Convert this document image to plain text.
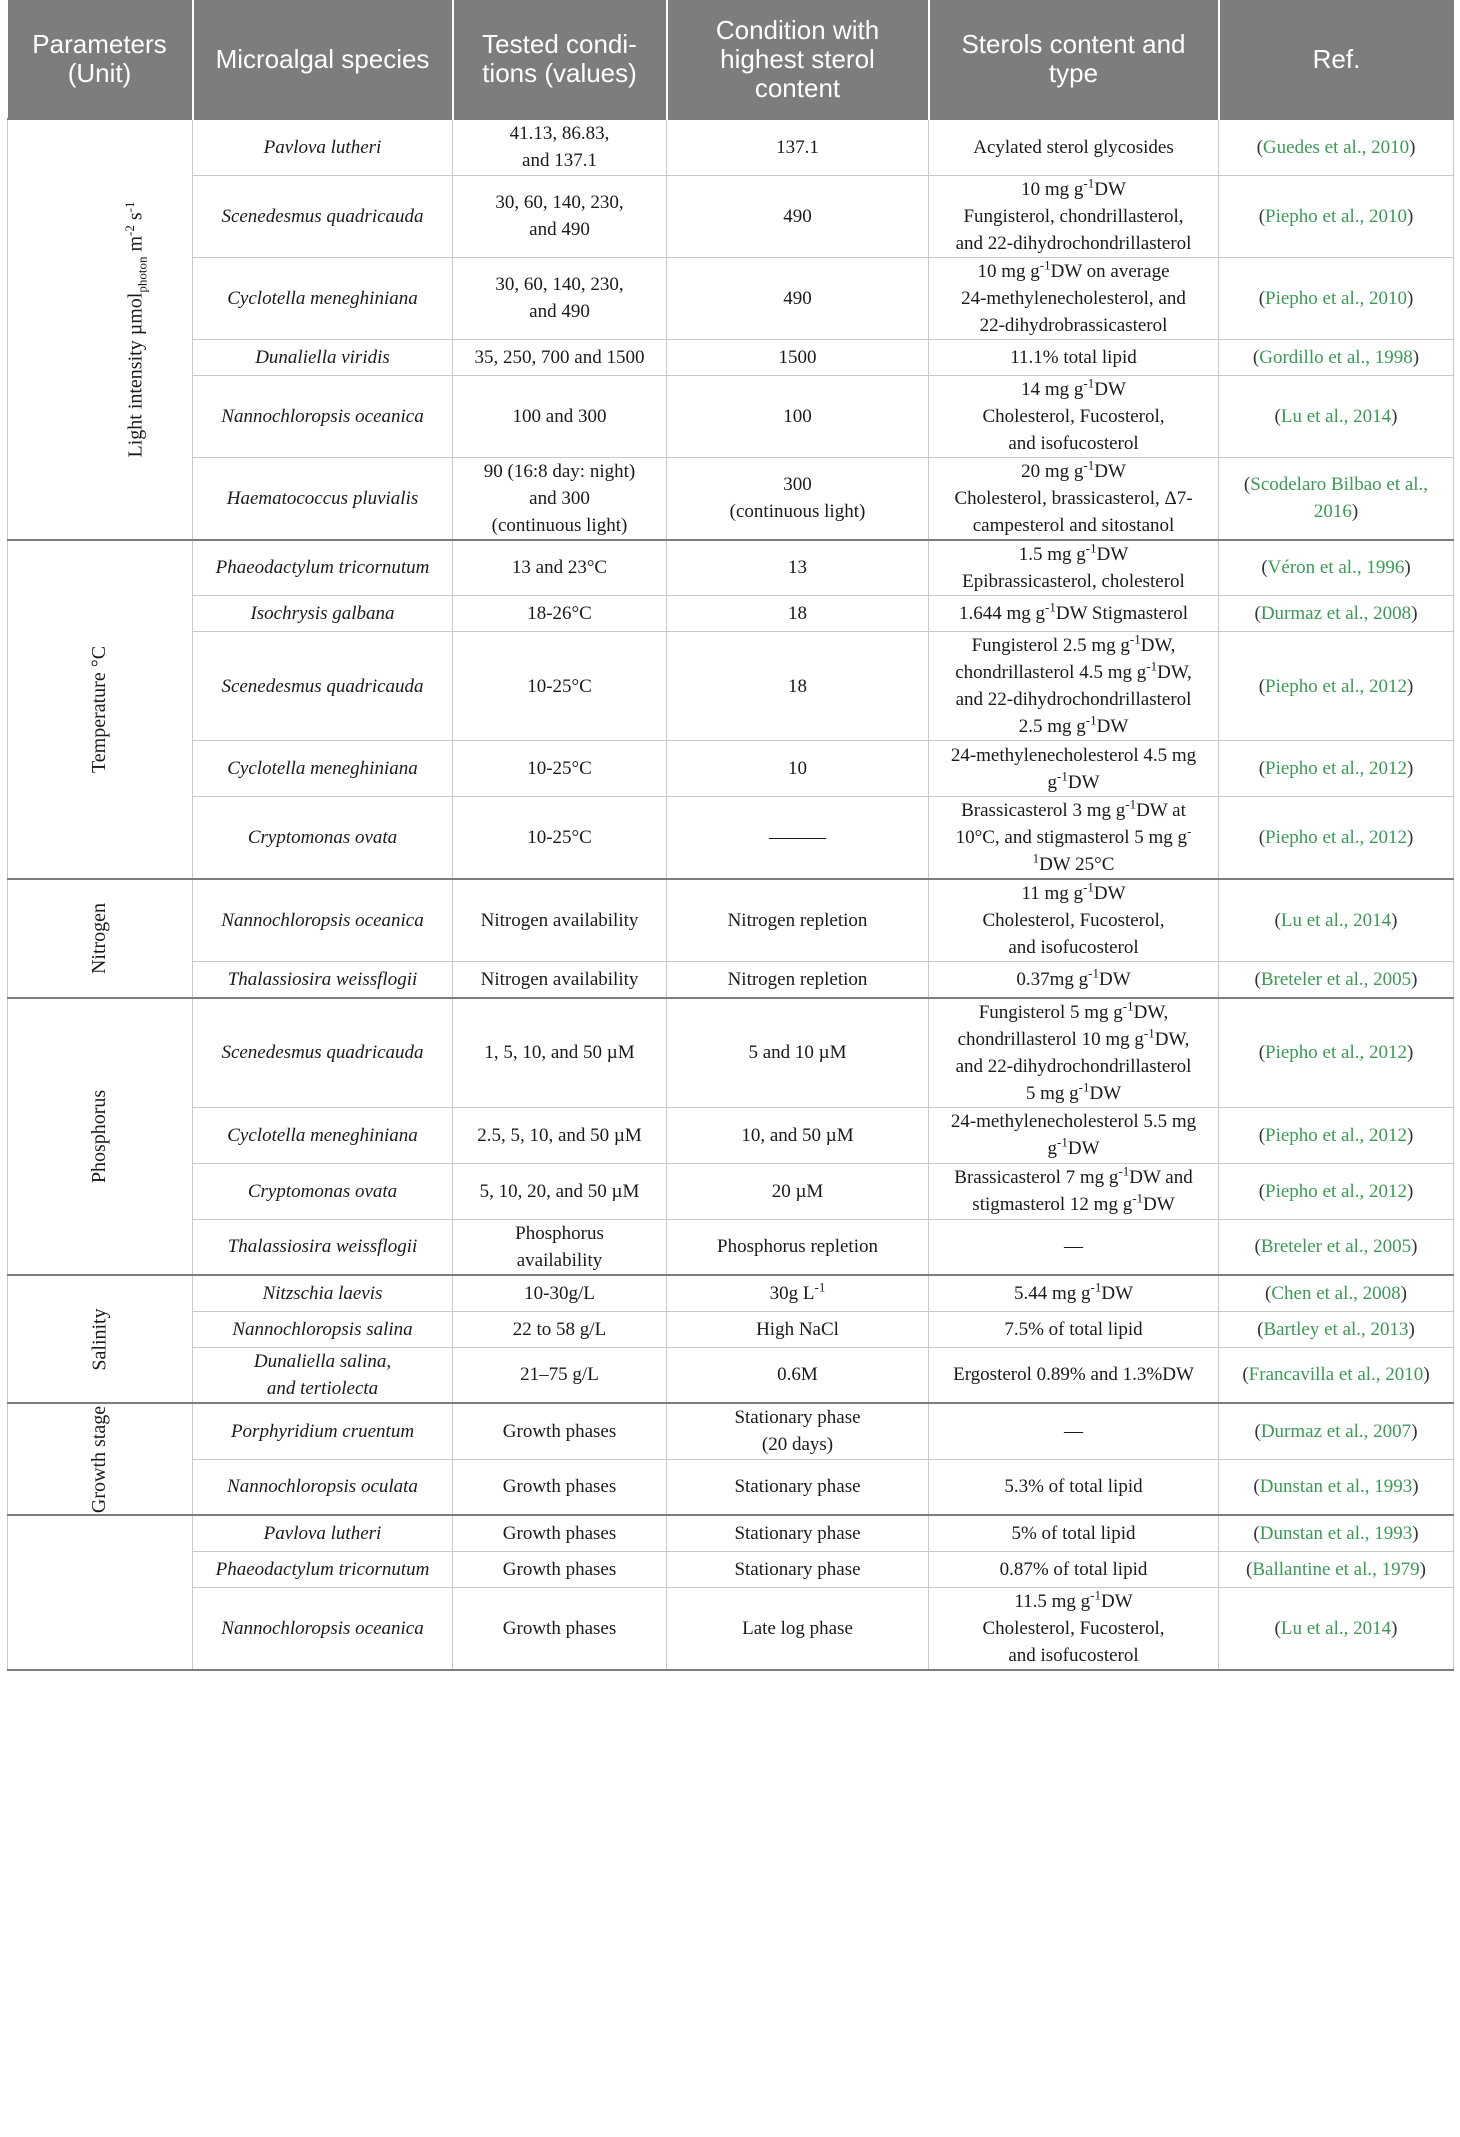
Parameters (Unit)	Microalgal species	Tested condi-tions (values)	Condition with highest sterol content	Sterols content and type	Ref.
Light intensity µmol$_{photon}$ $m^{-2}$ $s^{-1}$	Pavlova lutheri	41.13, 86.83,
and 137.1	137.1	Acylated sterol glycosides	(Guedes et al., 2010)
	Scenedesmus quadricauda	30, 60, 140, 230,
and 490	490	10 mg $g^{-1}DW$
Fungisterol, chondrillasterol,
and 22-dihydrochondrillasterol	(Piepho et al., 2010)
	Cyclotella meneghiniana	30, 60, 140, 230,
and 490	490	10 mg $g^{-1}DW$ on average
24-methylenecholesterol, and
22-dihydrobrassicasterol	(Piepho et al., 2010)
	Dunaliella viridis	35, 250, 700 and 1500	1500	11.1% total lipid	(Gordillo et al., 1998)
	Nannochloropsis oceanica	100 and 300	100	14 mg $g^{-1}DW$
Cholesterol, Fucosterol,
and isofucosterol	(Lu et al., 2014)
	Haematococcus pluvialis	90 (16:8 day: night)
and 300
(continuous light)	300
(continuous light)	20 mg $g^{-1}DW$
Cholesterol, brassicasterol, Δ7-
campesterol and sitostanol	(Scodelaro Bilbao et al., 2016)
Temperature °C	Phaeodactylum tricornutum	13 and 23°C	13	1.5 mg $g^{-1}DW$
Epibrassicasterol, cholesterol	(Véron et al., 1996)
	Isochrysis galbana	18-26°C	18	1.644 mg $g^{-1}DW$ Stigmasterol	(Durmaz et al., 2008)
	Scenedesmus quadricauda	10-25°C	18	Fungisterol 2.5 mg $g^{-1}DW$,
chondrillasterol 4.5 mg $g^{-1}DW$,
and 22-dihydrochondrillasterol
2.5 mg $g^{-1}DW$	(Piepho et al., 2012)
	Cyclotella meneghiniana	10-25°C	10	24-methylenecholesterol 4.5 mg
$g^{-1}DW$	(Piepho et al., 2012)
	Cryptomonas ovata	10-25°C	———	Brassicasterol 3 mg $g^{-1}DW$ at
10°C, and stigmasterol 5 mg g-
$^1$DW 25°C	(Piepho et al., 2012)
Nitrogen	Nannochloropsis oceanica	Nitrogen availability	Nitrogen repletion	11 mg $g^{-1}DW$
Cholesterol, Fucosterol,
and isofucosterol	(Lu et al., 2014)
	Thalassiosira weissflogii	Nitrogen availability	Nitrogen repletion	0.37mg $g^{-1}DW$	(Breteler et al., 2005)
Phosphorus	Scenedesmus quadricauda	1, 5, 10, and 50 µM	5 and 10 µM	Fungisterol 5 mg $g^{-1}DW$,
chondrillasterol 10 mg $g^{-1}DW$,
and 22-dihydrochondrillasterol
5 mg $g^{-1}DW$	(Piepho et al., 2012)
	Cyclotella meneghiniana	2.5, 5, 10, and 50 µM	10, and 50 µM	24-methylenecholesterol 5.5 mg
$g^{-1}DW$	(Piepho et al., 2012)
	Cryptomonas ovata	5, 10, 20, and 50 µM	20 µM	Brassicasterol 7 mg $g^{-1}DW$ and
stigmasterol 12 mg $g^{-1}DW$	(Piepho et al., 2012)
	Thalassiosira weissflogii	Phosphorus
availability	Phosphorus repletion	—	(Breteler et al., 2005)
Salinity	Nitzschia laevis	10-30g/L	30g $L^{-1}$	5.44 mg $g^{-1}DW$	(Chen et al., 2008)
	Nannochloropsis salina	22 to 58 g/L	High NaCl	7.5% of total lipid	(Bartley et al., 2013)

	Dunaliella salina,
and tertiolecta	21–75 g/L	0.6M	Ergosterol 0.89% and 1.3%DW	(Francavilla et al., 2010)
Growth stage	Porphyridium cruentum	Growth phases	Stationary phase
(20 days)	—	(Durmaz et al., 2007)
	Nannochloropsis oculata	Growth phases	Stationary phase	5.3% of total lipid	(Dunstan et al., 1993)
	Pavlova lutheri	Growth phases	Stationary phase	5% of total lipid	(Dunstan et al., 1993)
	Phaeodactylum tricornutum	Growth phases	Stationary phase	0.87% of total lipid	(Ballantine et al., 1979)
	Nannochloropsis oceanica	Growth phases	Late log phase	11.5 mg $g^{-1}DW$
Cholesterol, Fucosterol,
and isofucosterol	(Lu et al., 2014)
